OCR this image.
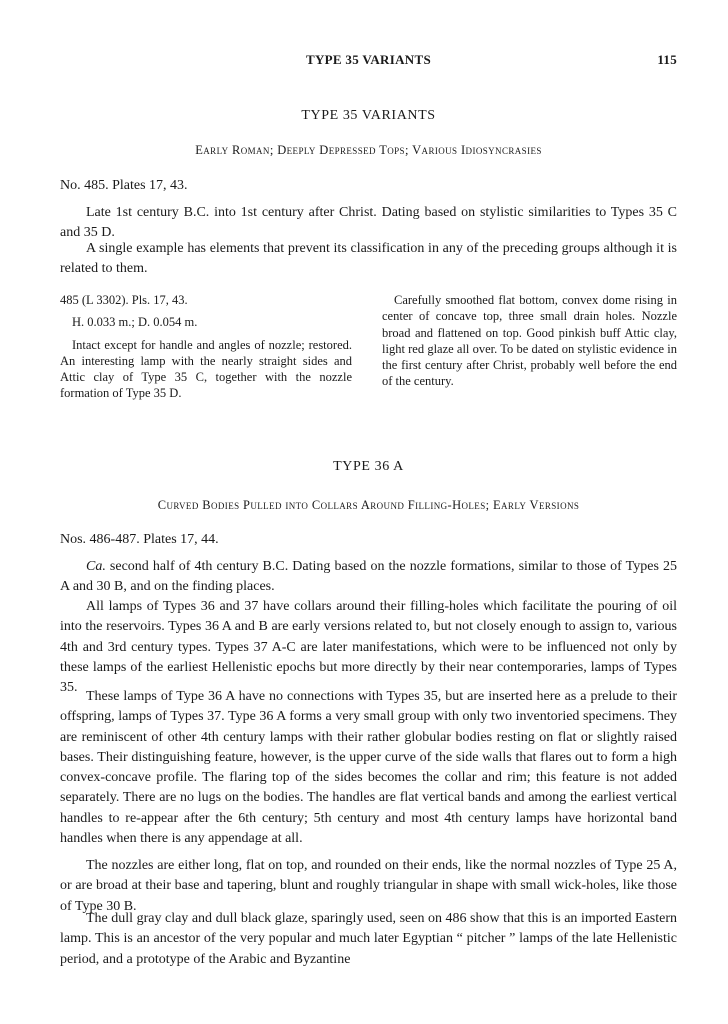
TYPE 35 VARIANTS	115
TYPE 35 VARIANTS
Early Roman; Deeply Depressed Tops; Various Idiosyncrasies
No. 485. Plates 17, 43.

Late 1st century B.C. into 1st century after Christ. Dating based on stylistic similarities to Types 35 C and 35 D.

A single example has elements that prevent its classification in any of the preceding groups although it is related to them.

485 (L 3302). Pls. 17, 43.

H. 0.033 m.; D. 0.054 m.

Intact except for handle and angles of nozzle; restored. An interesting lamp with the nearly straight sides and Attic clay of Type 35 C, together with the nozzle formation of Type 35 D.

Carefully smoothed flat bottom, convex dome rising in center of concave top, three small drain holes. Nozzle broad and flattened on top. Good pinkish buff Attic clay, light red glaze all over. To be dated on stylistic evidence in the first century after Christ, probably well before the end of the century.

TYPE 36 A
Curved Bodies Pulled into Collars Around Filling-Holes; Early Versions
Nos. 486-487. Plates 17, 44.

Ca. second half of 4th century B.C. Dating based on the nozzle formations, similar to those of Types 25 A and 30 B, and on the finding places.

All lamps of Types 36 and 37 have collars around their filling-holes which facilitate the pouring of oil into the reservoirs. Types 36 A and B are early versions related to, but not closely enough to assign to, various 4th and 3rd century types. Types 37 A-C are later manifestations, which were to be influenced not only by these lamps of the earliest Hellenistic epochs but more directly by their near contemporaries, lamps of Types 35.

These lamps of Type 36 A have no connections with Types 35, but are inserted here as a prelude to their offspring, lamps of Types 37. Type 36 A forms a very small group with only two inventoried specimens. They are reminiscent of other 4th century lamps with their rather globular bodies resting on flat or slightly raised bases. Their distinguishing feature, however, is the upper curve of the side walls that flares out to form a high convex-concave profile. The flaring top of the sides becomes the collar and rim; this feature is not added separately. There are no lugs on the bodies. The handles are flat vertical bands and among the earliest vertical handles to re-appear after the 6th century; 5th century and most 4th century lamps have horizontal band handles when there is any appendage at all.

The nozzles are either long, flat on top, and rounded on their ends, like the normal nozzles of Type 25 A, or are broad at their base and tapering, blunt and roughly triangular in shape with small wick-holes, like those of Type 30 B.

The dull gray clay and dull black glaze, sparingly used, seen on 486 show that this is an imported Eastern lamp. This is an ancestor of the very popular and much later Egyptian “ pitcher ” lamps of the late Hellenistic period, and a prototype of the Arabic and Byzantine
